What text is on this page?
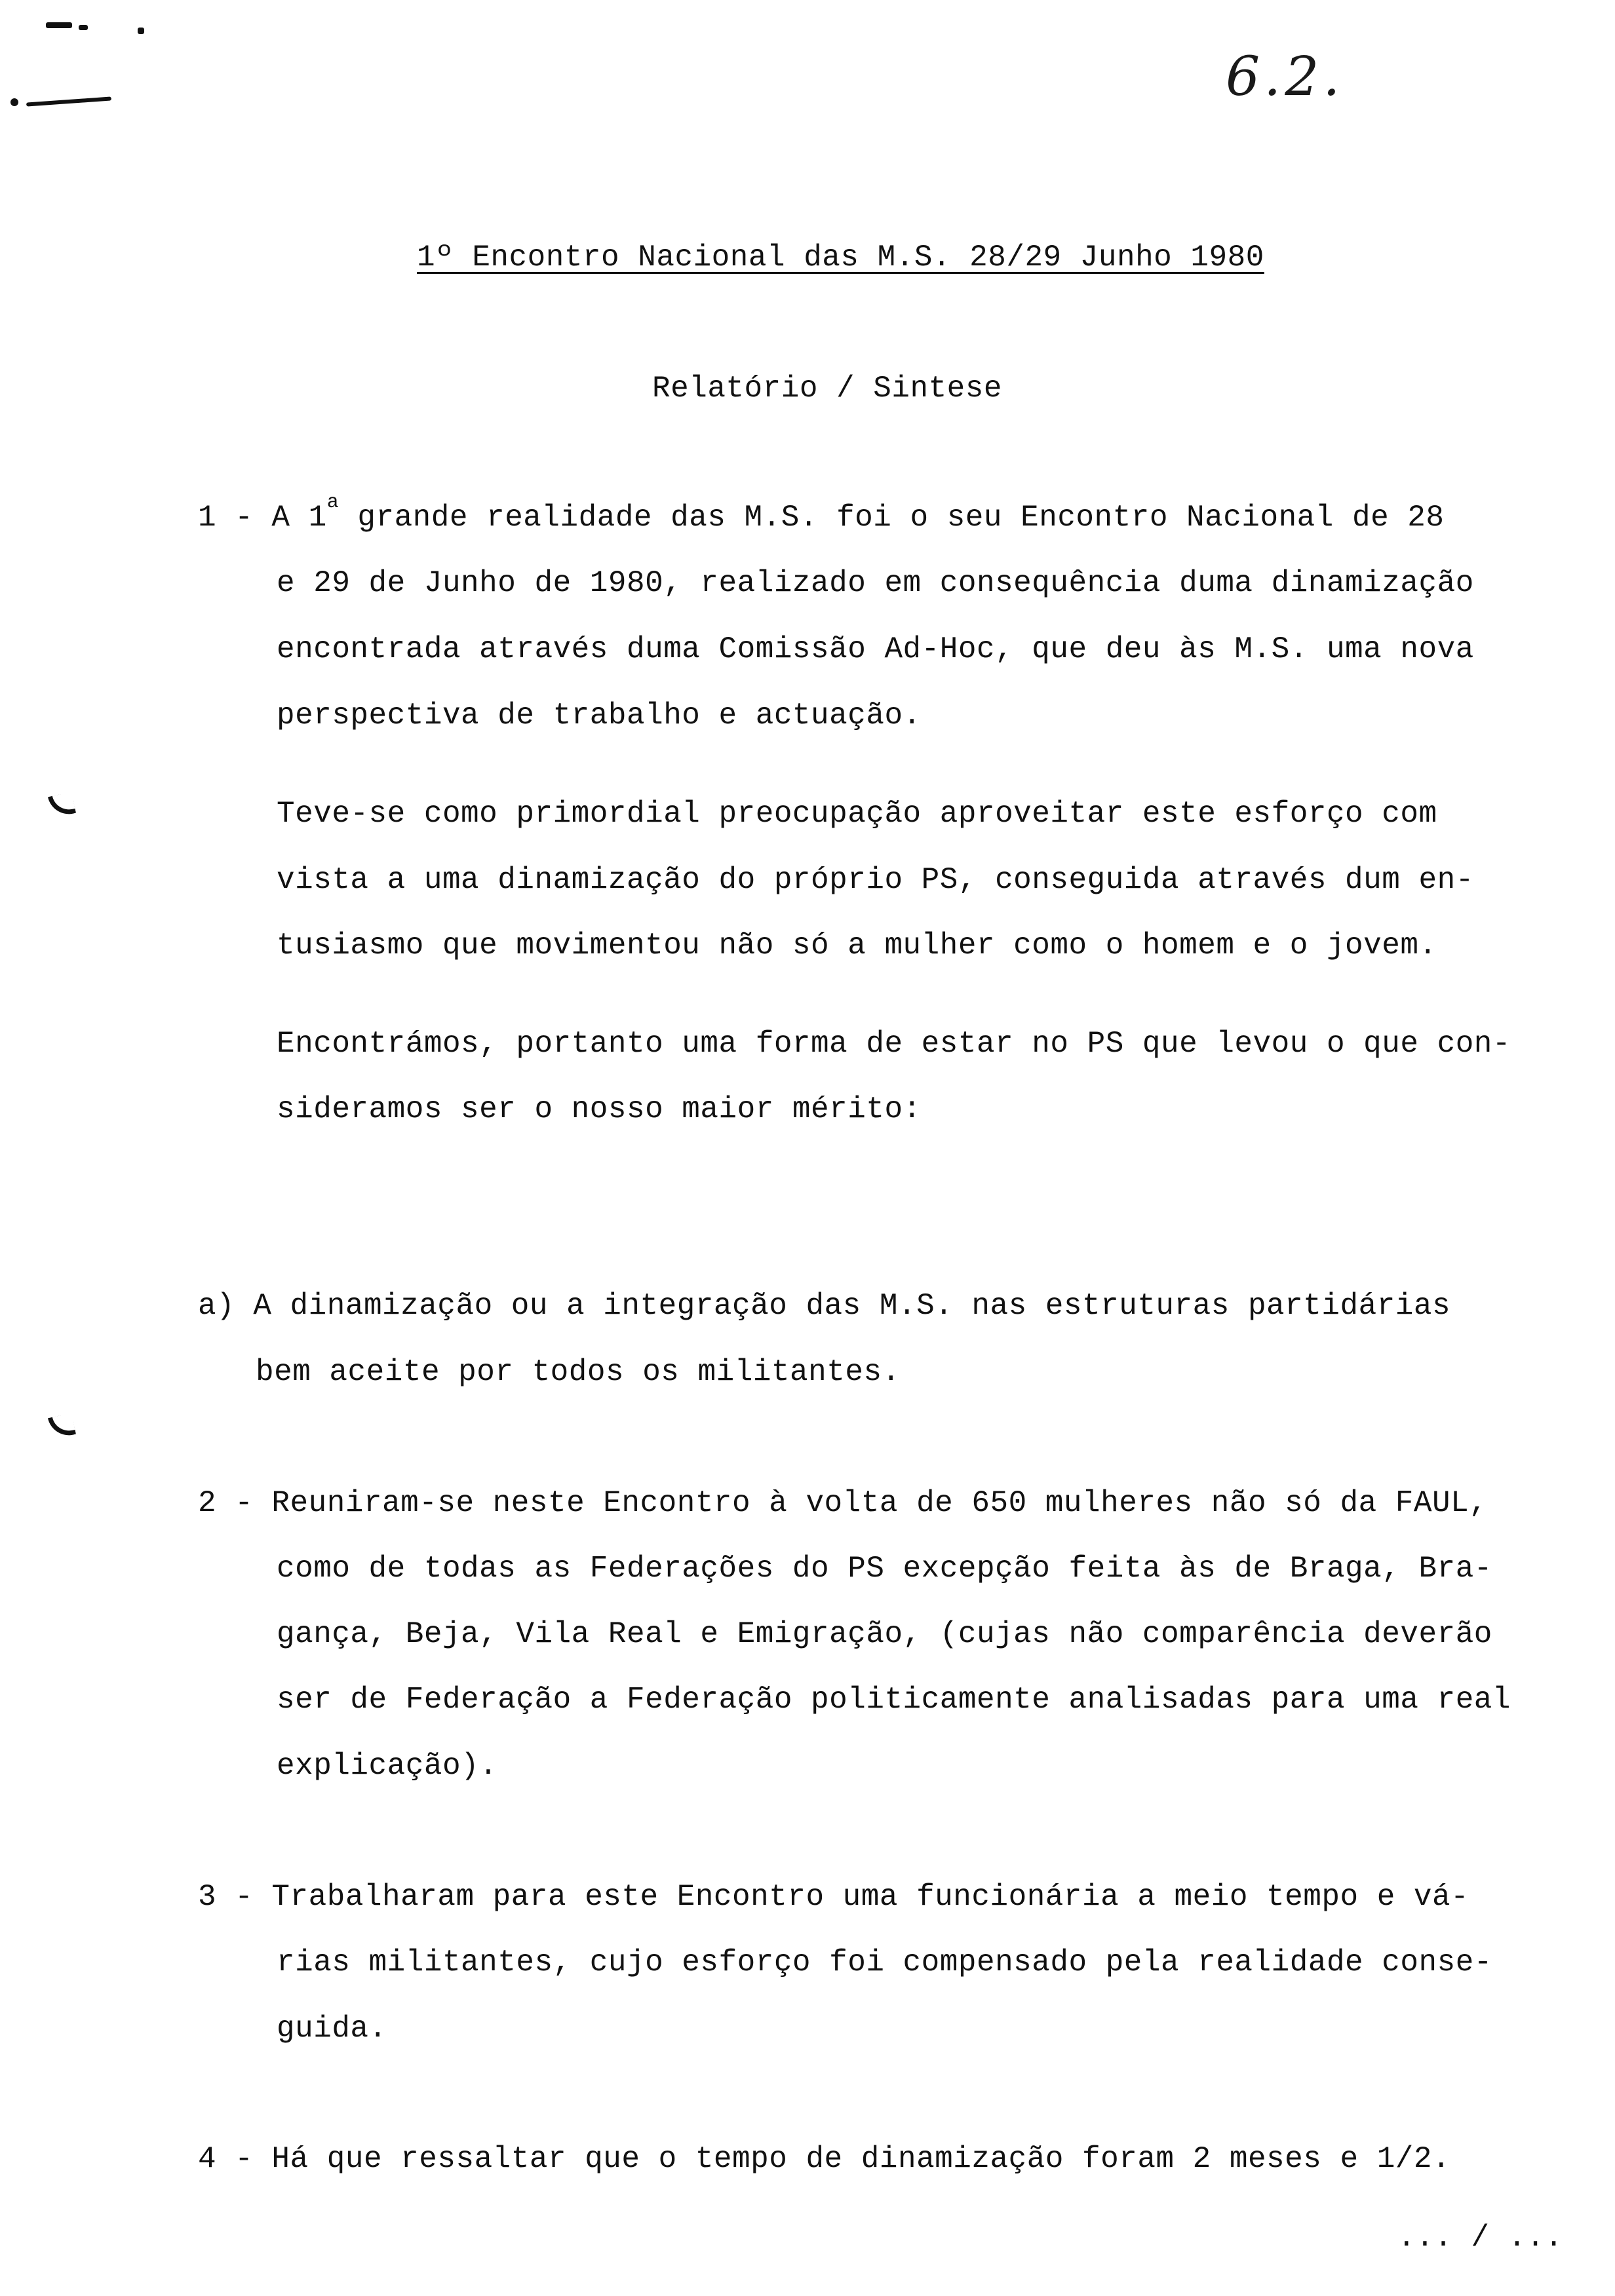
6.2.
1º Encontro Nacional das M.S. 28/29 Junho 1980
Relatório / Sintese
1 - A 1$^a$ grande realidade das M.S. foi o seu Encontro Nacional de 28
e 29 de Junho de 1980, realizado em consequência duma dinamização
encontrada através duma Comissão Ad-Hoc, que deu às M.S. uma nova
perspectiva de trabalho e actuação.
Teve-se como primordial preocupação aproveitar este esforço com
vista a uma dinamização do próprio PS, conseguida através dum en-
tusiasmo que movimentou não só a mulher como o homem e o jovem.
Encontrámos, portanto uma forma de estar no PS que levou o que con-
sideramos ser o nosso maior mérito:
a) A dinamização ou a integração das M.S. nas estruturas partidárias
bem aceite por todos os militantes.
2 - Reuniram-se neste Encontro à volta de 650 mulheres não só da FAUL,
como de todas as Federações do PS excepção feita às de Braga, Bra-
gança, Beja, Vila Real e Emigração, (cujas não comparência deverão
ser de Federação a Federação politicamente analisadas para uma real
explicação).
3 - Trabalharam para este Encontro uma funcionária a meio tempo e vá-
rias militantes, cujo esforço foi compensado pela realidade conse-
guida.
4 - Há que ressaltar que o tempo de dinamização foram 2 meses e 1/2.
... / ...
